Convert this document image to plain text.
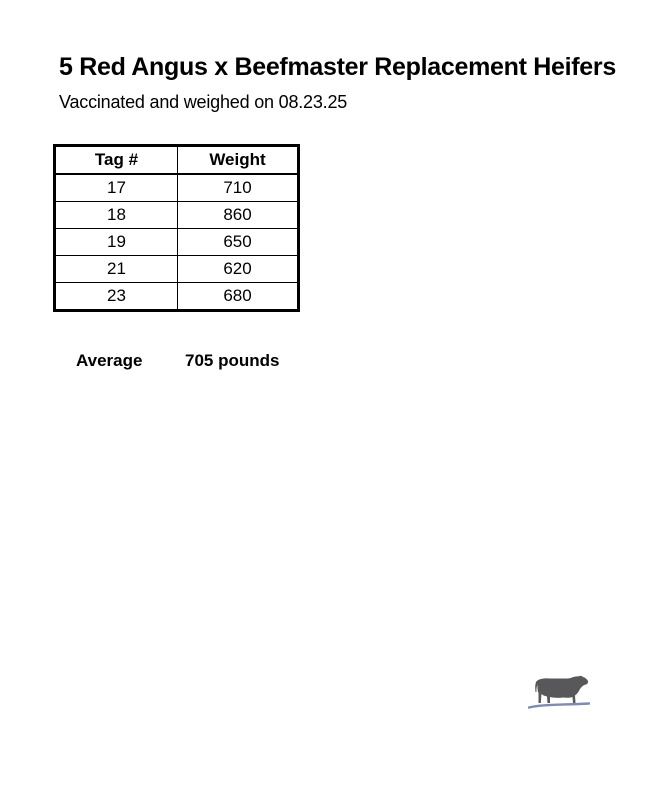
5 Red Angus x Beefmaster Replacement Heifers

Vaccinated and weighed on 08.23.25

Tag #	Weight
17	710
18	860
19	650
21	620
23	680
Average	705 pounds
